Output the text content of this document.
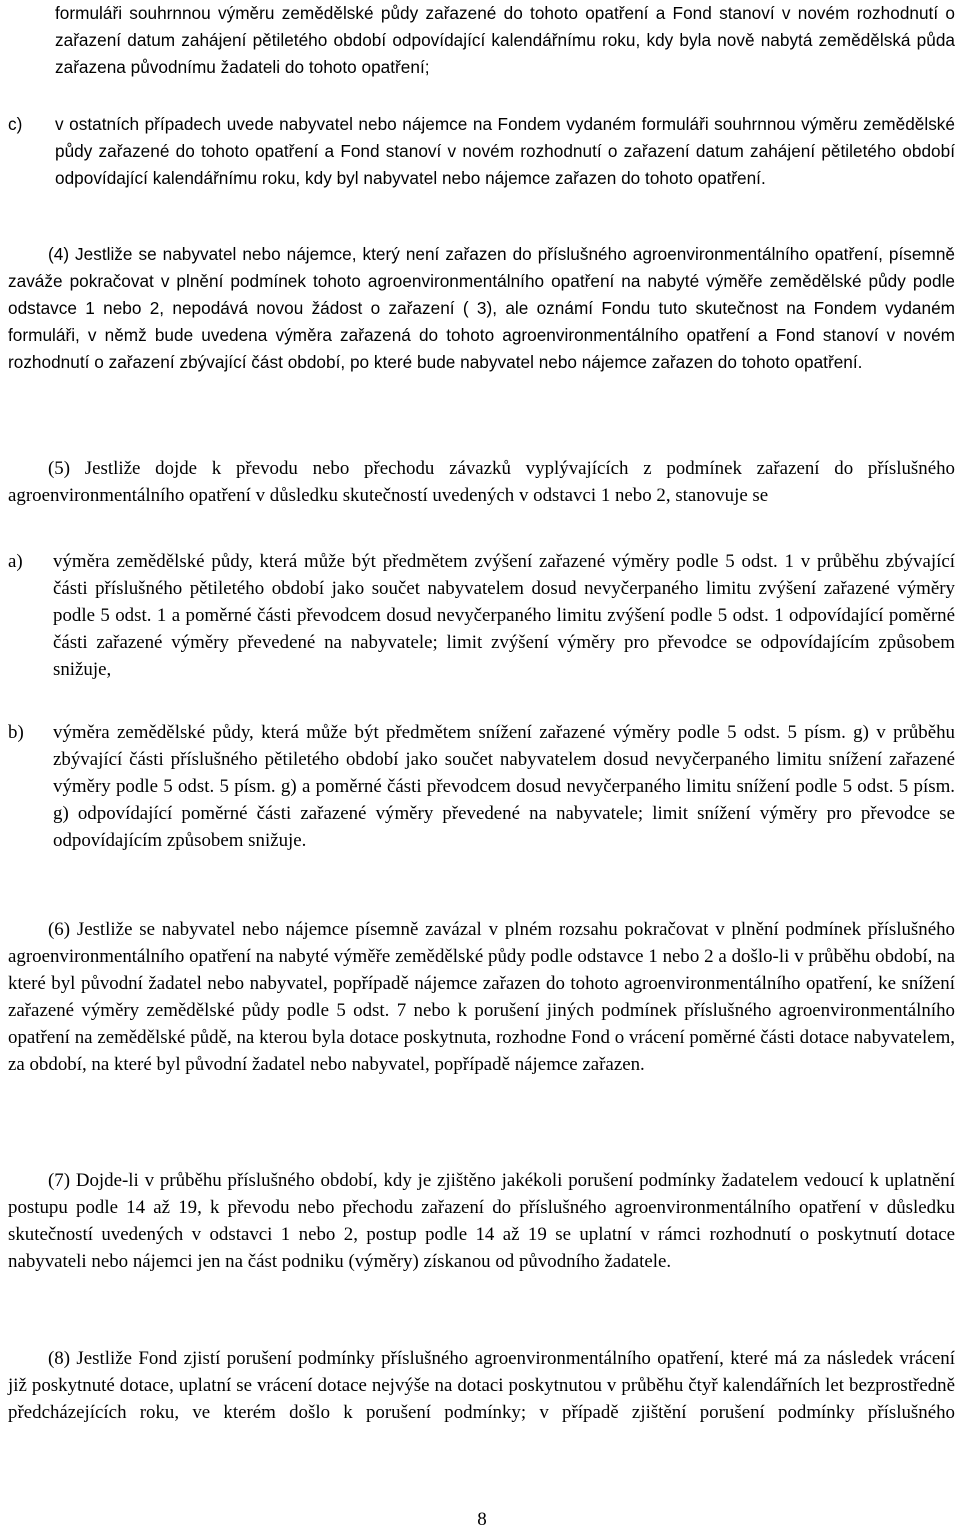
formuláři souhrnnou výměru zemědělské půdy zařazené do tohoto opatření a Fond stanoví v novém rozhodnutí o zařazení datum zahájení pětiletého období odpovídající kalendářnímu roku, kdy byla nově nabytá zemědělská půda zařazena původnímu žadateli do tohoto opatření;
c) v ostatních případech uvede nabyvatel nebo nájemce na Fondem vydaném formuláři souhrnnou výměru zemědělské půdy zařazené do tohoto opatření a Fond stanoví v novém rozhodnutí o zařazení datum zahájení pětiletého období odpovídající kalendářnímu roku, kdy byl nabyvatel nebo nájemce zařazen do tohoto opatření.
(4) Jestliže se nabyvatel nebo nájemce, který není zařazen do příslušného agroenvironmentálního opatření, písemně zaváže pokračovat v plnění podmínek tohoto agroenvironmentálního opatření na nabyté výměře zemědělské půdy podle odstavce 1 nebo 2, nepodává novou žádost o zařazení ( 3), ale oznámí Fondu tuto skutečnost na Fondem vydaném formuláři, v němž bude uvedena výměra zařazená do tohoto agroenvironmentálního opatření a Fond stanoví v novém rozhodnutí o zařazení zbývající část období, po které bude nabyvatel nebo nájemce zařazen do tohoto opatření.
(5) Jestliže dojde k převodu nebo přechodu závazků vyplývajících z podmínek zařazení do příslušného agroenvironmentálního opatření v důsledku skutečností uvedených v odstavci 1 nebo 2, stanovuje se
a) výměra zemědělské půdy, která může být předmětem zvýšení zařazené výměry podle 5 odst. 1 v průběhu zbývající části příslušného pětiletého období jako součet nabyvatelem dosud nevyčerpaného limitu zvýšení zařazené výměry podle 5 odst. 1 a poměrné části převodcem dosud nevyčerpaného limitu zvýšení podle 5 odst. 1 odpovídající poměrné části zařazené výměry převedené na nabyvatele; limit zvýšení výměry pro převodce se odpovídajícím způsobem snižuje,
b) výměra zemědělské půdy, která může být předmětem snížení zařazené výměry podle 5 odst. 5 písm. g) v průběhu zbývající části příslušného pětiletého období jako součet nabyvatelem dosud nevyčerpaného limitu snížení zařazené výměry podle 5 odst. 5 písm. g) a poměrné části převodcem dosud nevyčerpaného limitu snížení podle 5 odst. 5 písm. g) odpovídající poměrné části zařazené výměry převedené na nabyvatele; limit snížení výměry pro převodce se odpovídajícím způsobem snižuje.
(6) Jestliže se nabyvatel nebo nájemce písemně zavázal v plném rozsahu pokračovat v plnění podmínek příslušného agroenvironmentálního opatření na nabyté výměře zemědělské půdy podle odstavce 1 nebo 2 a došlo-li v průběhu období, na které byl původní žadatel nebo nabyvatel, popřípadě nájemce zařazen do tohoto agroenvironmentálního opatření, ke snížení zařazené výměry zemědělské půdy podle 5 odst. 7 nebo k porušení jiných podmínek příslušného agroenvironmentálního opatření na zemědělské půdě, na kterou byla dotace poskytnuta, rozhodne Fond o vrácení poměrné části dotace nabyvatelem, za období, na které byl původní žadatel nebo nabyvatel, popřípadě nájemce zařazen.
(7) Dojde-li v průběhu příslušného období, kdy je zjištěno jakékoli porušení podmínky žadatelem vedoucí k uplatnění postupu podle 14 až 19, k převodu nebo přechodu zařazení do příslušného agroenvironmentálního opatření v důsledku skutečností uvedených v odstavci 1 nebo 2, postup podle 14 až 19 se uplatní v rámci rozhodnutí o poskytnutí dotace nabyvateli nebo nájemci jen na část podniku (výměry) získanou od původního žadatele.
(8) Jestliže Fond zjistí porušení podmínky příslušného agroenvironmentálního opatření, které má za následek vrácení již poskytnuté dotace, uplatní se vrácení dotace nejvýše na dotaci poskytnutou v průběhu čtyř kalendářních let bezprostředně předcházejících roku, ve kterém došlo k porušení podmínky; v případě zjištění porušení podmínky příslušného
8
